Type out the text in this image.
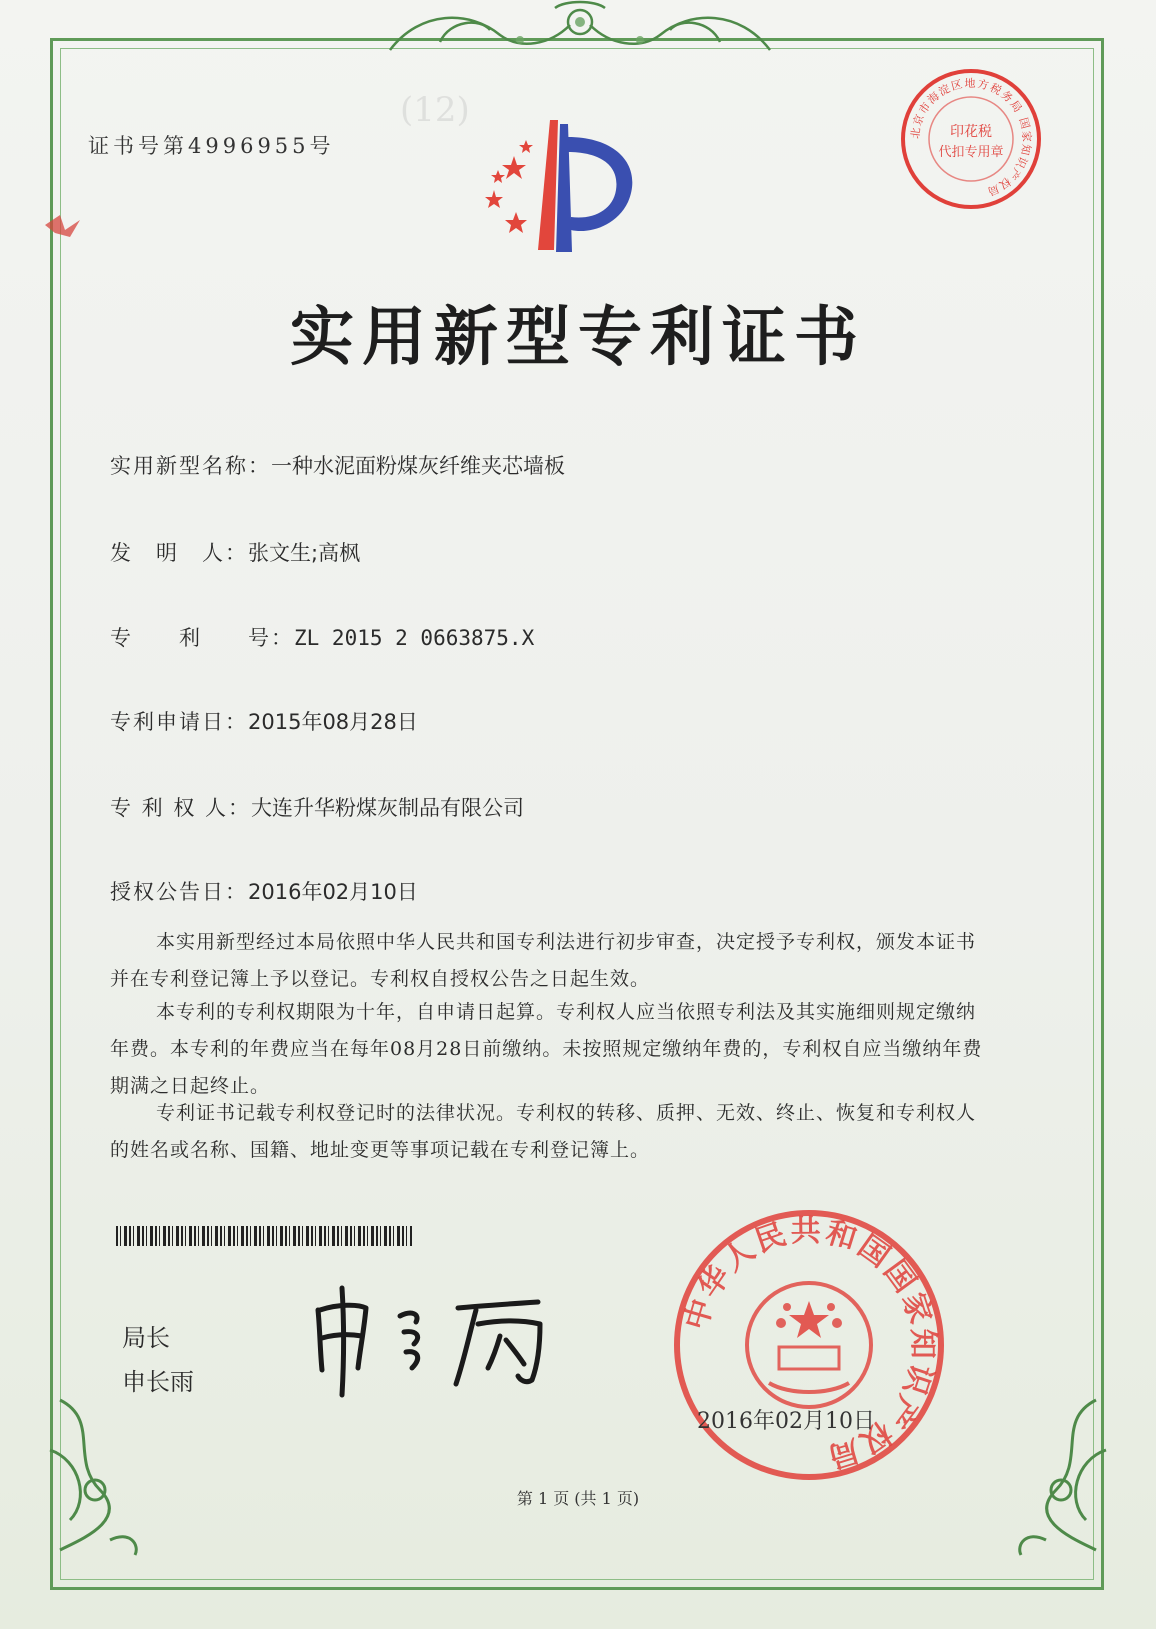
(12)
证书号第4996955号
北京市海淀区地方税务局 国家知识产权局
印花税
代扣专用章
实用新型专利证书
实用新型名称：一种水泥面粉煤灰纤维夹芯墙板
发　明　人：张文生;高枫
专　　利　　号：ZL 2015 2 0663875.X
专利申请日：2015年08月28日
专 利 权 人：大连升华粉煤灰制品有限公司
授权公告日：2016年02月10日
本实用新型经过本局依照中华人民共和国专利法进行初步审查，决定授予专利权，颁发本证书并在专利登记簿上予以登记。专利权自授权公告之日起生效。
本专利的专利权期限为十年，自申请日起算。专利权人应当依照专利法及其实施细则规定缴纳年费。本专利的年费应当在每年08月28日前缴纳。未按照规定缴纳年费的，专利权自应当缴纳年费期满之日起终止。
专利证书记载专利权登记时的法律状况。专利权的转移、质押、无效、终止、恢复和专利权人的姓名或名称、国籍、地址变更等事项记载在专利登记簿上。
局长
申长雨
中华人民共和国国家知识产权局
2016年02月10日
第 1 页 (共 1 页)
